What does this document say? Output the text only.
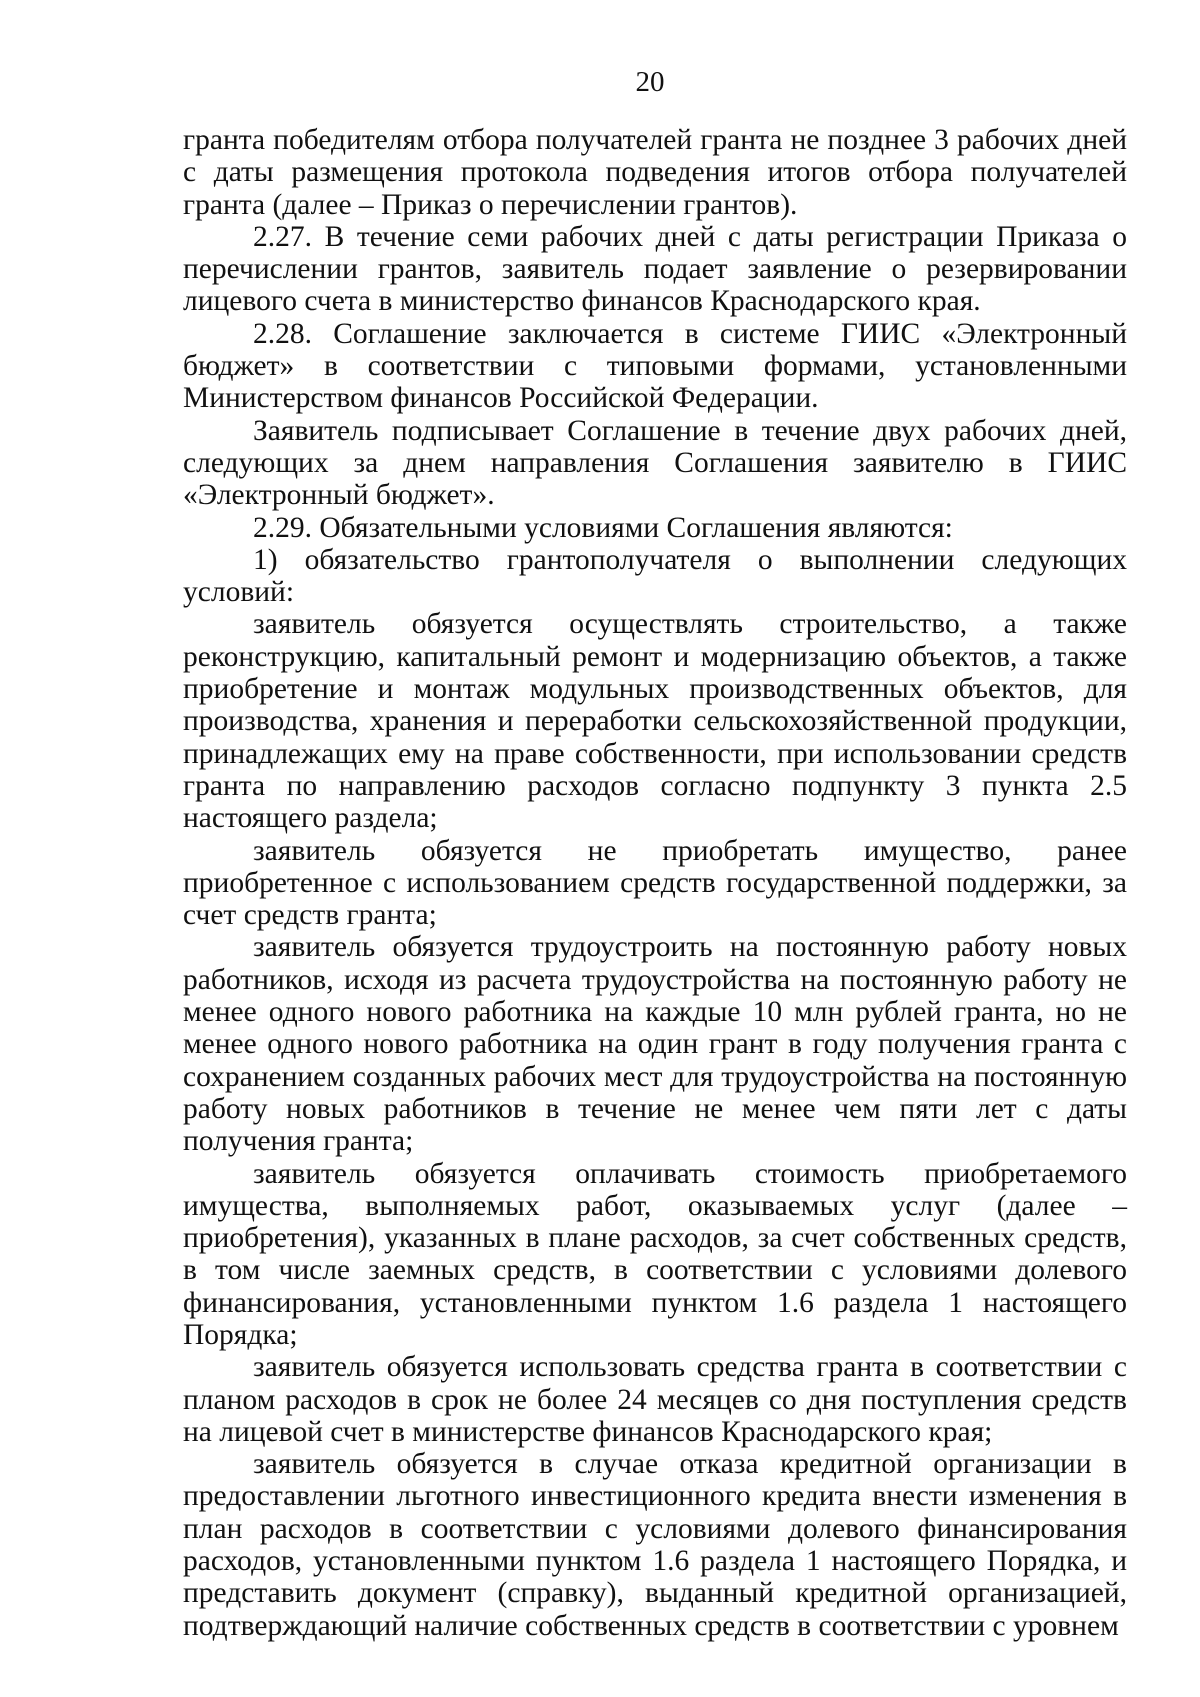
20

гранта победителям отбора получателей гранта не позднее 3 рабочих дней с даты размещения протокола подведения итогов отбора получателей гранта (далее – Приказ о перечислении грантов).

2.27. В течение семи рабочих дней с даты регистрации Приказа о перечислении грантов, заявитель подает заявление о резервировании лицевого счета в министерство финансов Краснодарского края.

2.28. Соглашение заключается в системе ГИИС «Электронный бюджет» в соответствии с типовыми формами, установленными Министерством финансов Российской Федерации.

Заявитель подписывает Соглашение в течение двух рабочих дней, следующих за днем направления Соглашения заявителю в ГИИС «Электронный бюджет».

2.29. Обязательными условиями Соглашения являются:

1) обязательство грантополучателя о выполнении следующих условий:

заявитель обязуется осуществлять строительство, а также реконструкцию, капитальный ремонт и модернизацию объектов, а также приобретение и монтаж модульных производственных объектов, для производства, хранения и переработки сельскохозяйственной продукции, принадлежащих ему на праве собственности, при использовании средств гранта по направлению расходов согласно подпункту 3 пункта 2.5 настоящего раздела;

заявитель обязуется не приобретать имущество, ранее приобретенное с использованием средств государственной поддержки, за счет средств гранта;

заявитель обязуется трудоустроить на постоянную работу новых работников, исходя из расчета трудоустройства на постоянную работу не менее одного нового работника на каждые 10 млн рублей гранта, но не менее одного нового работника на один грант в году получения гранта с сохранением созданных рабочих мест для трудоустройства на постоянную работу новых работников в течение не менее чем пяти лет с даты получения гранта;

заявитель обязуется оплачивать стоимость приобретаемого имущества, выполняемых работ, оказываемых услуг (далее – приобретения), указанных в плане расходов, за счет собственных средств, в том числе заемных средств, в соответствии с условиями долевого финансирования, установленными пунктом 1.6 раздела 1 настоящего Порядка;

заявитель обязуется использовать средства гранта в соответствии с планом расходов в срок не более 24 месяцев со дня поступления средств на лицевой счет в министерстве финансов Краснодарского края;

заявитель обязуется в случае отказа кредитной организации в предоставлении льготного инвестиционного кредита внести изменения в план расходов в соответствии с условиями долевого финансирования расходов, установленными пунктом 1.6 раздела 1 настоящего Порядка, и представить документ (справку), выданный кредитной организацией, подтверждающий наличие собственных средств в соответствии с уровнем
